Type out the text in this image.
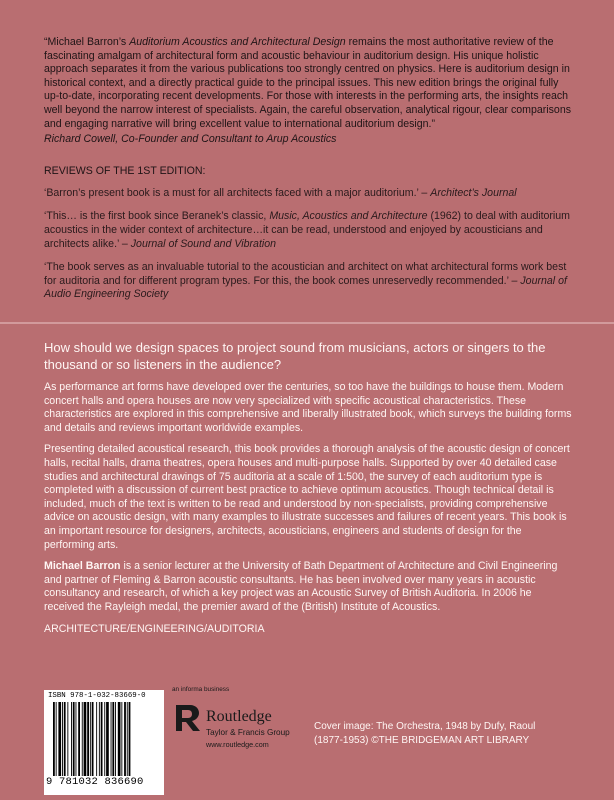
“Michael Barron’s Auditorium Acoustics and Architectural Design remains the most authoritative review of the fascinating amalgam of architectural form and acoustic behaviour in auditorium design. His unique holistic approach separates it from the various publications too strongly centred on physics. Here is auditorium design in historical context, and a directly practical guide to the principal issues. This new edition brings the original fully up-to-date, incorporating recent developments. For those with interests in the performing arts, the insights reach well beyond the narrow interest of specialists. Again, the careful observation, analytical rigour, clear comparisons and engaging narrative will bring excellent value to international auditorium design.”

Richard Cowell, Co-Founder and Consultant to Arup Acoustics

REVIEWS OF THE 1ST EDITION:

‘Barron’s present book is a must for all architects faced with a major auditorium.’ – Architect’s Journal

‘This… is the first book since Beranek’s classic, Music, Acoustics and Architecture (1962) to deal with auditorium acoustics in the wider context of architecture…it can be read, understood and enjoyed by acousticians and architects alike.’ – Journal of Sound and Vibration

‘The book serves as an invaluable tutorial to the acoustician and architect on what architectural forms work best for auditoria and for different program types. For this, the book comes unreservedly recommended.’ – Journal of Audio Engineering Society

How should we design spaces to project sound from musicians, actors or singers to the thousand or so listeners in the audience?

As performance art forms have developed over the centuries, so too have the buildings to house them. Modern concert halls and opera houses are now very specialized with specific acoustical characteristics. These characteristics are explored in this comprehensive and liberally illustrated book, which surveys the building forms and details and reviews important worldwide examples.

Presenting detailed acoustical research, this book provides a thorough analysis of the acoustic design of concert halls, recital halls, drama theatres, opera houses and multi-purpose halls. Supported by over 40 detailed case studies and architectural drawings of 75 auditoria at a scale of 1:500, the survey of each auditorium type is completed with a discussion of current best practice to achieve optimum acoustics. Though technical detail is included, much of the text is written to be read and understood by non-specialists, providing comprehensive advice on acoustic design, with many examples to illustrate successes and failures of recent years. This book is an important resource for designers, architects, acousticians, engineers and students of design for the performing arts.

Michael Barron is a senior lecturer at the University of Bath Department of Architecture and Civil Engineering and partner of Fleming & Barron acoustic consultants. He has been involved over many years in acoustic consultancy and research, of which a key project was an Acoustic Survey of British Auditoria. In 2006 he received the Rayleigh medal, the premier award of the (British) Institute of Acoustics.

ARCHITECTURE/ENGINEERING/AUDITORIA

ISBN 978-1-032-83669-0
9 781032 836690
an informa business
Routledge
Taylor & Francis Group
www.routledge.com
Cover image: The Orchestra, 1948 by Dufy, Raoul
(1877-1953) ©THE BRIDGEMAN ART LIBRARY
